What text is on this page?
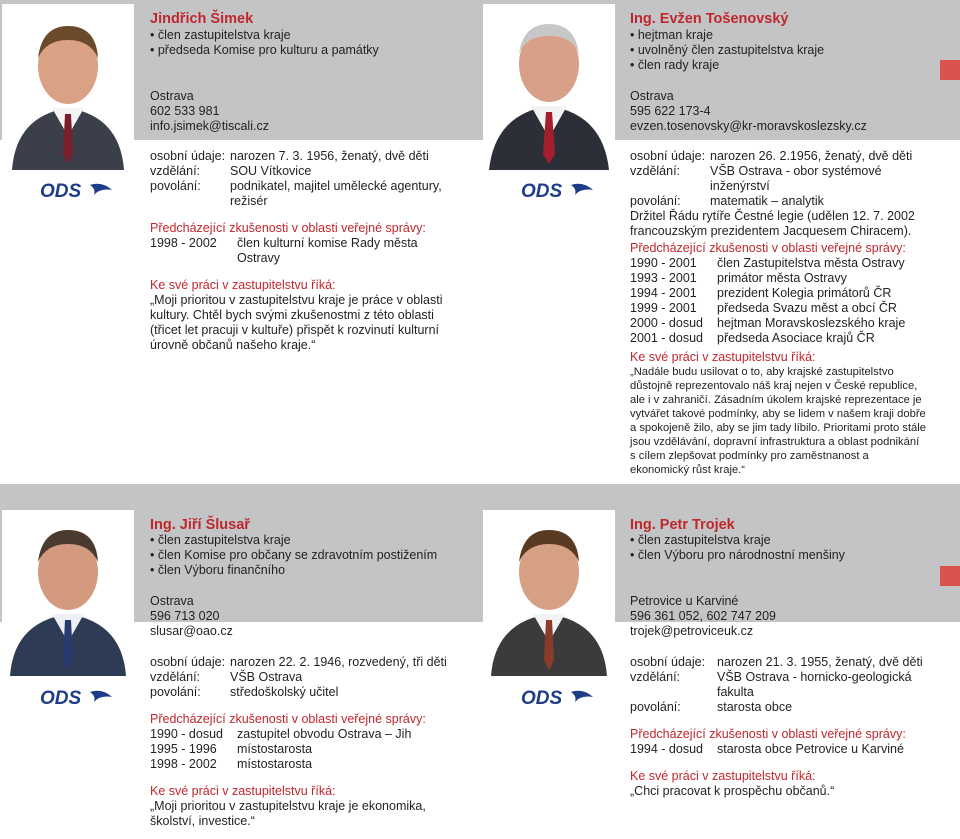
ODS
Jindřich Šimek
• člen zastupitelstva kraje
• předseda Komise pro kulturu a památky
Ostrava
602 533 981
info.jsimek@tiscali.cz
osobní údaje: narozen 7. 3. 1956, ženatý, dvě děti
vzdělání:	SOU Vítkovice
povolání:	podnikatel, majitel umělecké agentury, režisér
Předcházející zkušenosti v oblasti veřejné správy:
1998 - 2002	člen kulturní komise Rady města Ostravy
Ke své práci v zastupitelstvu říká:

„Moji prioritou v zastupitelstvu kraje je práce v oblasti kultury. Chtěl bych svými zkušenostmi z této oblasti (třicet let pracuji v kultuře) přispět k rozvinutí kulturní úrovně občanů našeho kraje.“

ODS
Ing. Evžen Tošenovský
• hejtman kraje
• uvolněný člen zastupitelstva kraje
• člen rady kraje
Ostrava
595 622 173-4
evzen.tosenovsky@kr-moravskoslezsky.cz
osobní údaje: narozen 26. 2.1956, ženatý, dvě děti
vzdělání:	VŠB Ostrava - obor systémové inženýrství
povolání:	matematik – analytik

Držitel Řádu rytíře Čestné legie (udělen 12. 7. 2002 francouzským prezidentem Jacquesem Chiracem).

Předcházející zkušenosti v oblasti veřejné správy:
1990 - 2001	člen Zastupitelstva města Ostravy
1993 - 2001	primátor města Ostravy
1994 - 2001	prezident Kolegia primátorů ČR
1999 - 2001	předseda Svazu měst a obcí ČR
2000 - dosud	hejtman Moravskoslezského kraje
2001 - dosud	předseda Asociace krajů ČR
Ke své práci v zastupitelstvu říká:

„Nadále budu usilovat o to, aby krajské zastupitelstvo důstojně reprezentovalo náš kraj nejen v České republice, ale i v zahraničí. Zásadním úkolem krajské reprezentace je vytvářet takové podmínky, aby se lidem v našem kraji dobře a spokojeně žilo, aby se jim tady líbilo. Prioritami proto stále jsou vzdělávání, dopravní infrastruktura a oblast podnikání s cílem zlepšovat podmínky pro zaměstnanost a ekonomický růst kraje.“

ODS
Ing. Jiří Šlusař
• člen zastupitelstva kraje
• člen Komise pro občany se zdravotním postižením
• člen Výboru finančního
Ostrava
596 713 020
slusar@oao.cz
osobní údaje: narozen 22. 2. 1946, rozvedený, tři děti
vzdělání:	VŠB Ostrava
povolání:	středoškolský učitel
Předcházející zkušenosti v oblasti veřejné správy:
1990 - dosud	zastupitel obvodu Ostrava – Jih
1995 - 1996	místostarosta
1998 - 2002	místostarosta
Ke své práci v zastupitelstvu říká:

„Moji prioritou v zastupitelstvu kraje je ekonomika, školství, investice.“

ODS
Ing. Petr Trojek
• člen zastupitelstva kraje
• člen Výboru pro národnostní menšiny
Petrovice u Karviné
596 361 052, 602 747 209
trojek@petroviceuk.cz
osobní údaje: narozen 21. 3. 1955, ženatý, dvě děti
vzdělání:	VŠB Ostrava - hornicko-geologická fakulta
povolání:	starosta obce
Předcházející zkušenosti v oblasti veřejné správy:
1994 - dosud	starosta obce Petrovice u Karviné
Ke své práci v zastupitelstvu říká:

„Chci pracovat k prospěchu občanů.“
